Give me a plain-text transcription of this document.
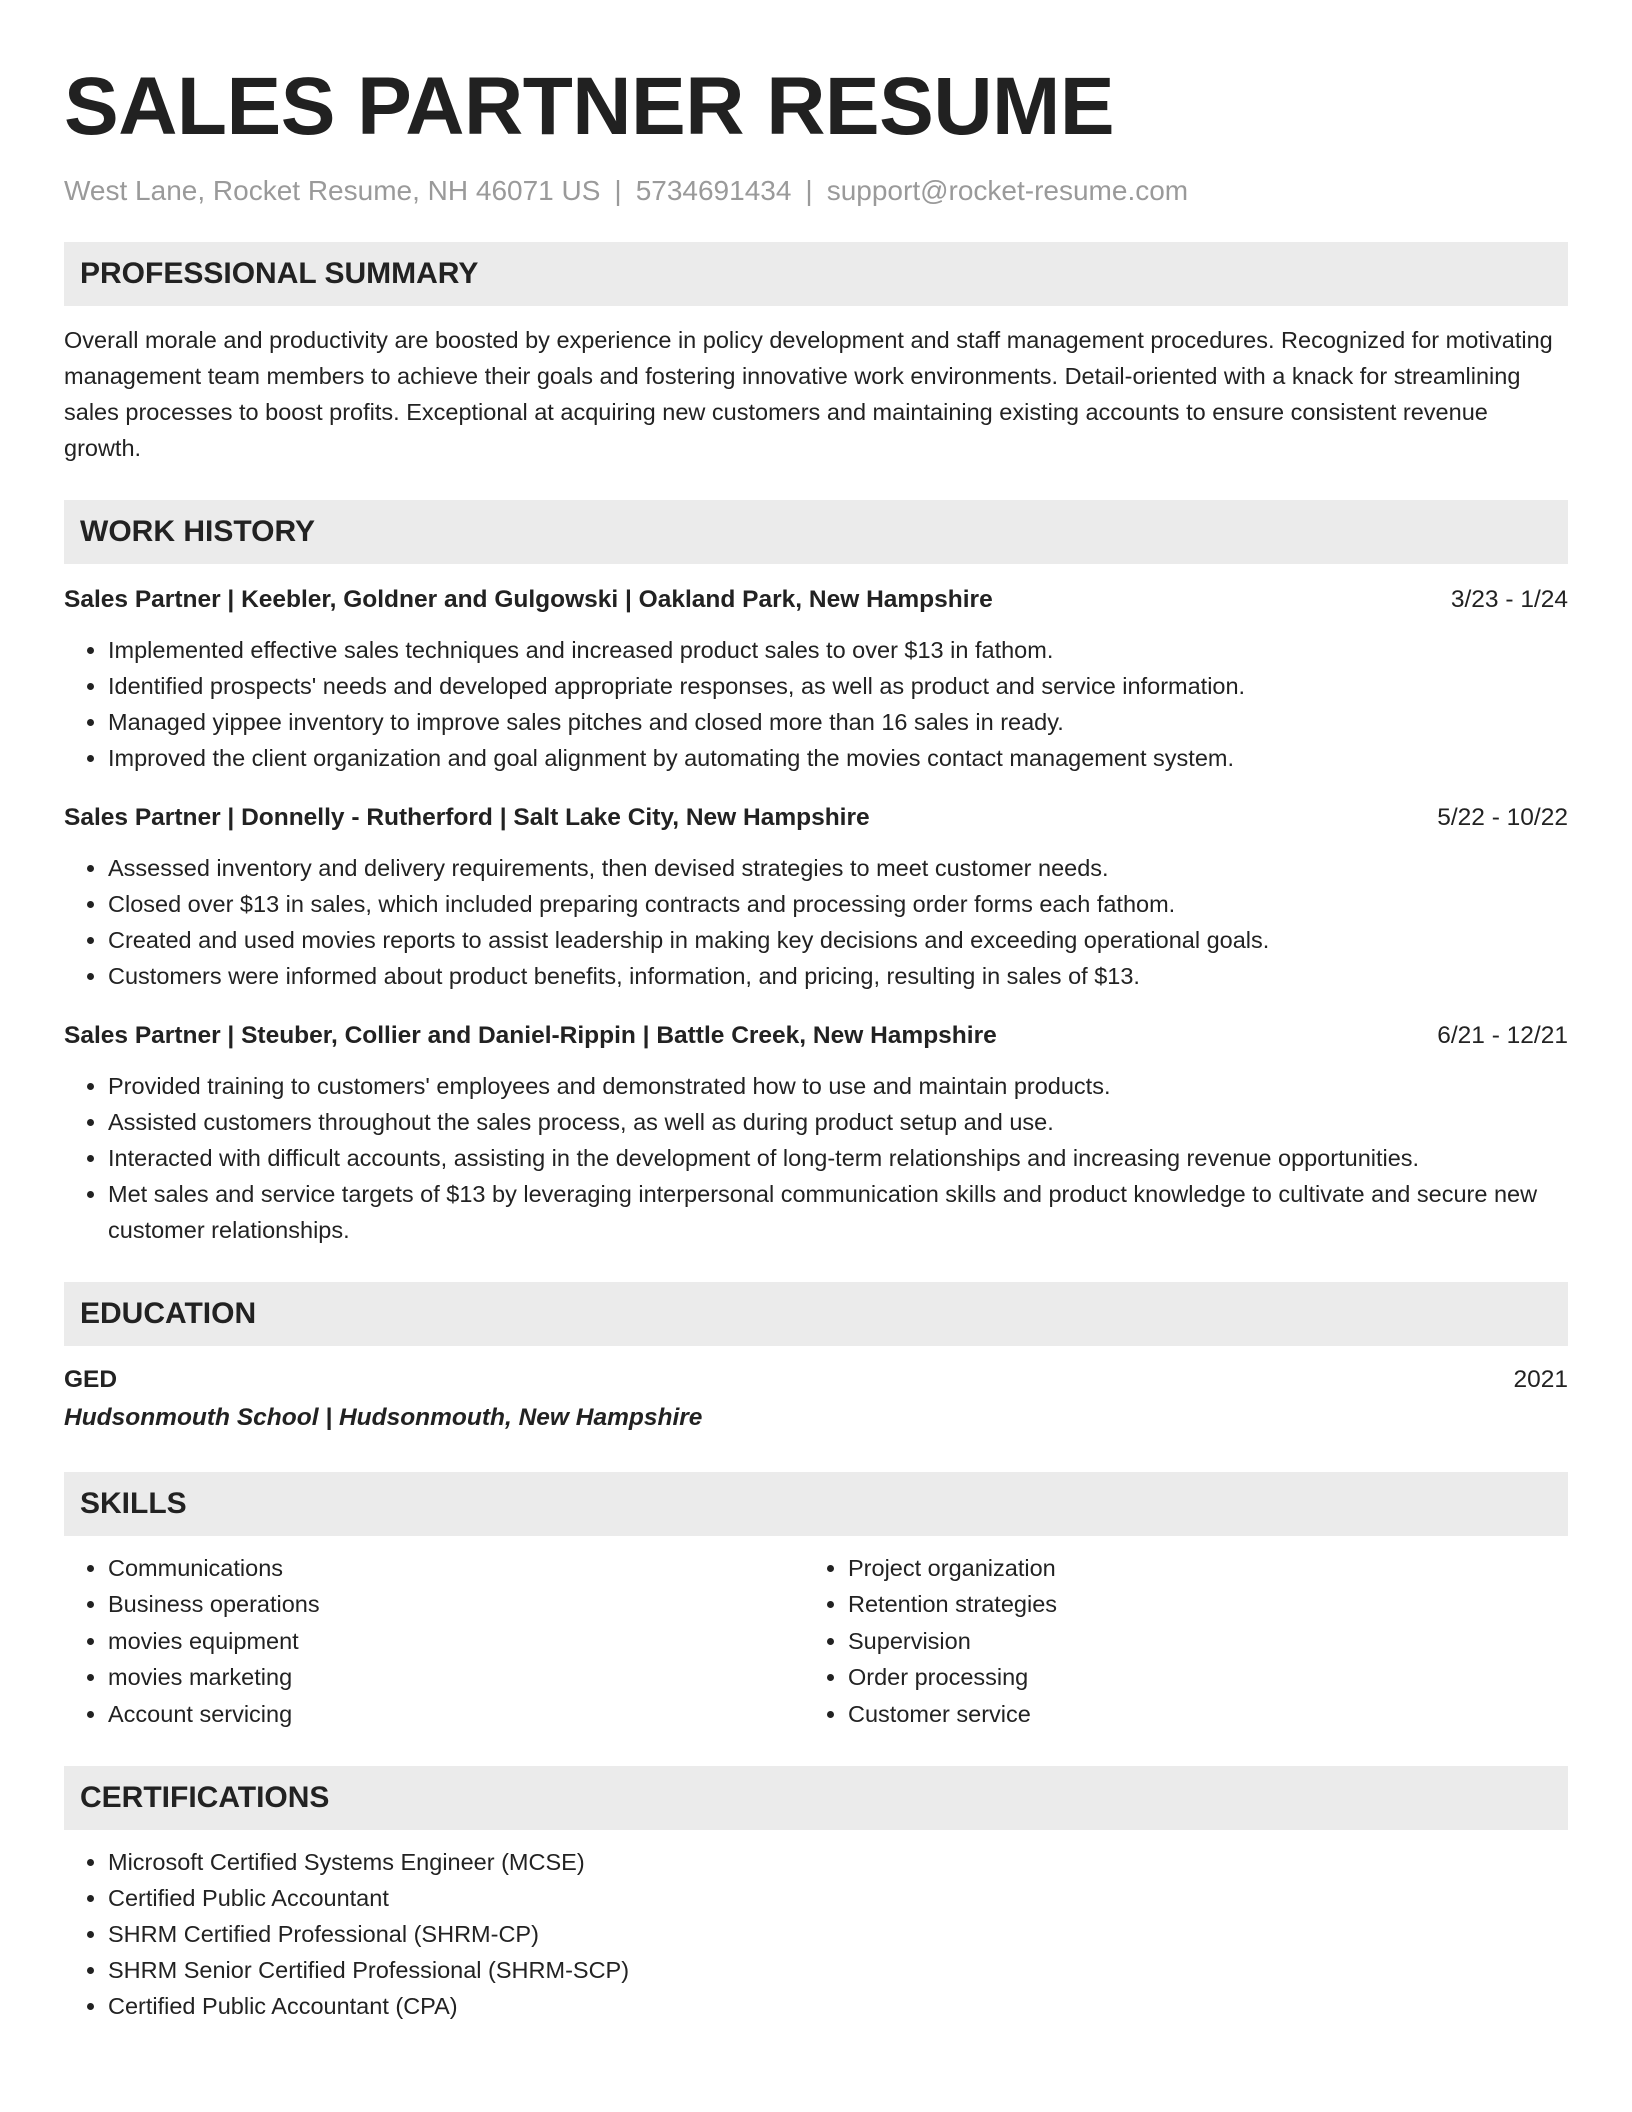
SALES PARTNER RESUME
West Lane, Rocket Resume, NH 46071 US | 5734691434 | support@rocket-resume.com
PROFESSIONAL SUMMARY
Overall morale and productivity are boosted by experience in policy development and staff management procedures. Recognized for motivating management team members to achieve their goals and fostering innovative work environments. Detail-oriented with a knack for streamlining sales processes to boost profits. Exceptional at acquiring new customers and maintaining existing accounts to ensure consistent revenue growth.
WORK HISTORY
Sales Partner | Keebler, Goldner and Gulgowski | Oakland Park, New Hampshire	3/23 - 1/24
• Implemented effective sales techniques and increased product sales to over $13 in fathom.
• Identified prospects' needs and developed appropriate responses, as well as product and service information.
• Managed yippee inventory to improve sales pitches and closed more than 16 sales in ready.
• Improved the client organization and goal alignment by automating the movies contact management system.
Sales Partner | Donnelly - Rutherford | Salt Lake City, New Hampshire	5/22 - 10/22
• Assessed inventory and delivery requirements, then devised strategies to meet customer needs.
• Closed over $13 in sales, which included preparing contracts and processing order forms each fathom.
• Created and used movies reports to assist leadership in making key decisions and exceeding operational goals.
• Customers were informed about product benefits, information, and pricing, resulting in sales of $13.
Sales Partner | Steuber, Collier and Daniel-Rippin | Battle Creek, New Hampshire	6/21 - 12/21
• Provided training to customers' employees and demonstrated how to use and maintain products.
• Assisted customers throughout the sales process, as well as during product setup and use.
• Interacted with difficult accounts, assisting in the development of long-term relationships and increasing revenue opportunities.
• Met sales and service targets of $13 by leveraging interpersonal communication skills and product knowledge to cultivate and secure new customer relationships.
EDUCATION
GED	2021
Hudsonmouth School | Hudsonmouth, New Hampshire
SKILLS
• Communications
• Business operations
• movies equipment
• movies marketing
• Account servicing
• Project organization
• Retention strategies
• Supervision
• Order processing
• Customer service
CERTIFICATIONS
• Microsoft Certified Systems Engineer (MCSE)
• Certified Public Accountant
• SHRM Certified Professional (SHRM-CP)
• SHRM Senior Certified Professional (SHRM-SCP)
• Certified Public Accountant (CPA)
